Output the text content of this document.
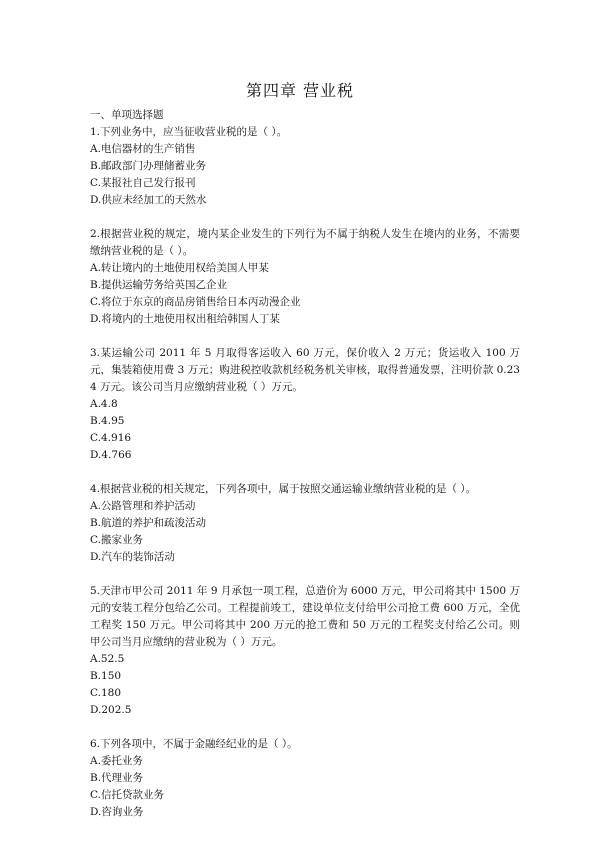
第四章 营业税
一、单项选择题
1.下列业务中，应当征收营业税的是（ ）。
A.电信器材的生产销售
B.邮政部门办理储蓄业务
C.某报社自己发行报刊
D.供应未经加工的天然水
2.根据营业税的规定，境内某企业发生的下列行为不属于纳税人发生在境内的业务，不需要缴纳营业税的是（ ）。
A.转让境内的土地使用权给美国人甲某
B.提供运输劳务给英国乙企业
C.将位于东京的商品房销售给日本丙动漫企业
D.将境内的土地使用权出租给韩国人丁某
3.某运输公司 2011 年 5 月取得客运收入 60 万元，保价收入 2 万元；货运收入 100 万元，集装箱使用费 3 万元；购进税控收款机经税务机关审核，取得普通发票，注明价款 0.234 万元。该公司当月应缴纳营业税（ ）万元。
A.4.8
B.4.95
C.4.916
D.4.766
4.根据营业税的相关规定，下列各项中，属于按照交通运输业缴纳营业税的是（ ）。
A.公路管理和养护活动
B.航道的养护和疏浚活动
C.搬家业务
D.汽车的装饰活动
5.天津市甲公司 2011 年 9 月承包一项工程，总造价为 6000 万元，甲公司将其中 1500 万元的安装工程分包给乙公司。工程提前竣工，建设单位支付给甲公司抢工费 600 万元，全优工程奖 150 万元。甲公司将其中 200 万元的抢工费和 50 万元的工程奖支付给乙公司。则甲公司当月应缴纳的营业税为（ ）万元。
A.52.5
B.150
C.180
D.202.5
6.下列各项中，不属于金融经纪业的是（ ）。
A.委托业务
B.代理业务
C.信托贷款业务
D.咨询业务
